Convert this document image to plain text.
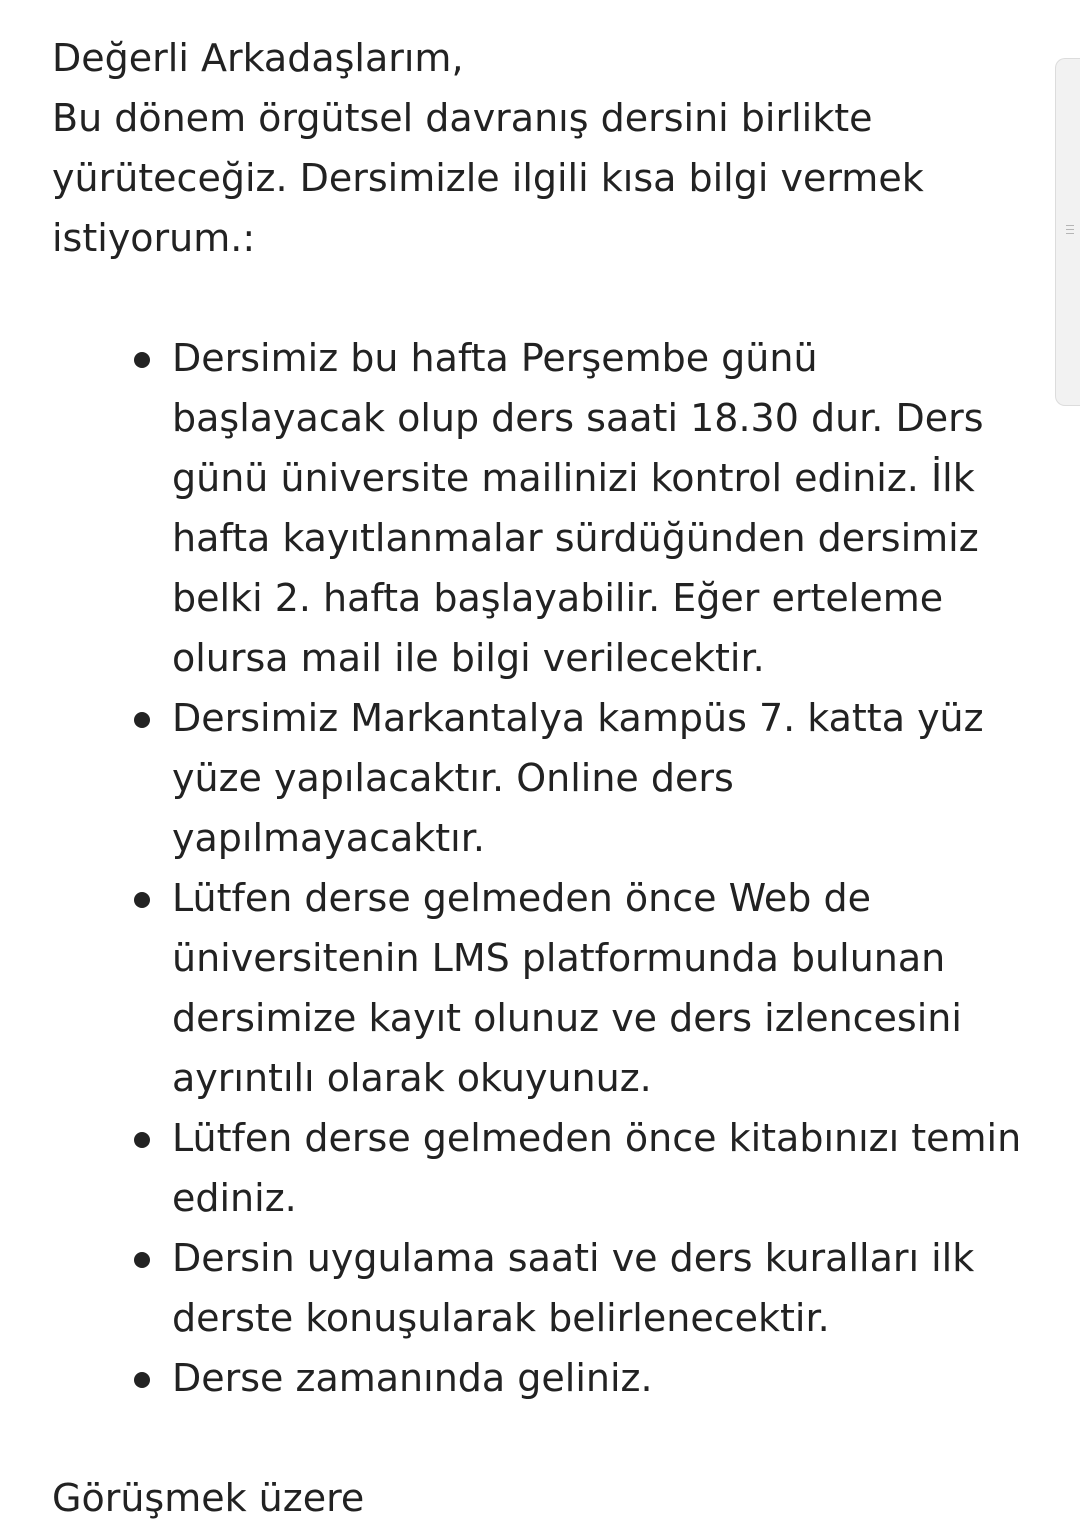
Değerli Arkadaşlarım,

Bu dönem örgütsel davranış dersini birlikte yürüteceğiz. Dersimizle ilgili kısa bilgi vermek istiyorum.:

Dersimiz bu hafta Perşembe günü başlayacak olup ders saati 18.30 dur. Ders günü üniversite mailinizi kontrol ediniz. İlk hafta kayıtlanmalar sürdüğünden dersimiz belki 2. hafta başlayabilir. Eğer erteleme olursa mail ile bilgi verilecektir.
Dersimiz Markantalya kampüs 7. katta yüz yüze yapılacaktır. Online ders yapılmayacaktır.
Lütfen derse gelmeden önce Web de üniversitenin LMS platformunda bulunan dersimize kayıt olunuz ve ders izlencesini ayrıntılı olarak okuyunuz.
Lütfen derse gelmeden önce kitabınızı temin ediniz.
Dersin uygulama saati ve ders kuralları ilk derste konuşularak belirlenecektir.
Derse zamanında geliniz.

Görüşmek üzere
